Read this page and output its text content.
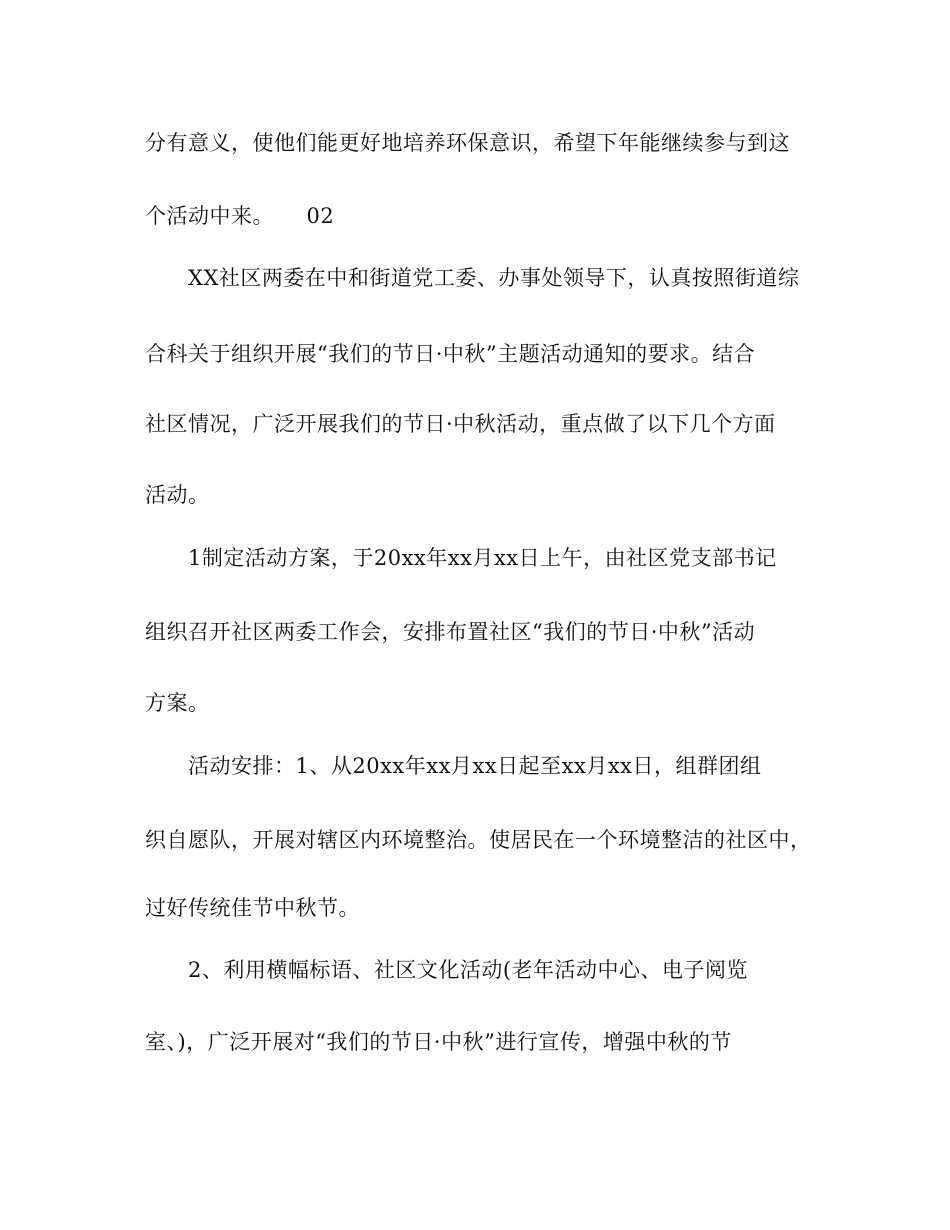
分有意义，使他们能更好地培养环保意识，希望下年能继续参与到这
个活动中来。　　02
XX社区两委在中和街道党工委、办事处领导下，认真按照街道综
合科关于组织开展“我们的节日·中秋”主题活动通知的要求。结合
社区情况，广泛开展我们的节日·中秋活动，重点做了以下几个方面
活动。
1制定活动方案，于20xx年xx月xx日上午，由社区党支部书记
组织召开社区两委工作会，安排布置社区“我们的节日·中秋”活动
方案。
活动安排：1、从20xx年xx月xx日起至xx月xx日，组群团组
织自愿队，开展对辖区内环境整治。使居民在一个环境整洁的社区中，
过好传统佳节中秋节。
2、利用横幅标语、社区文化活动(老年活动中心、电子阅览
室、)，广泛开展对“我们的节日·中秋”进行宣传，增强中秋的节
